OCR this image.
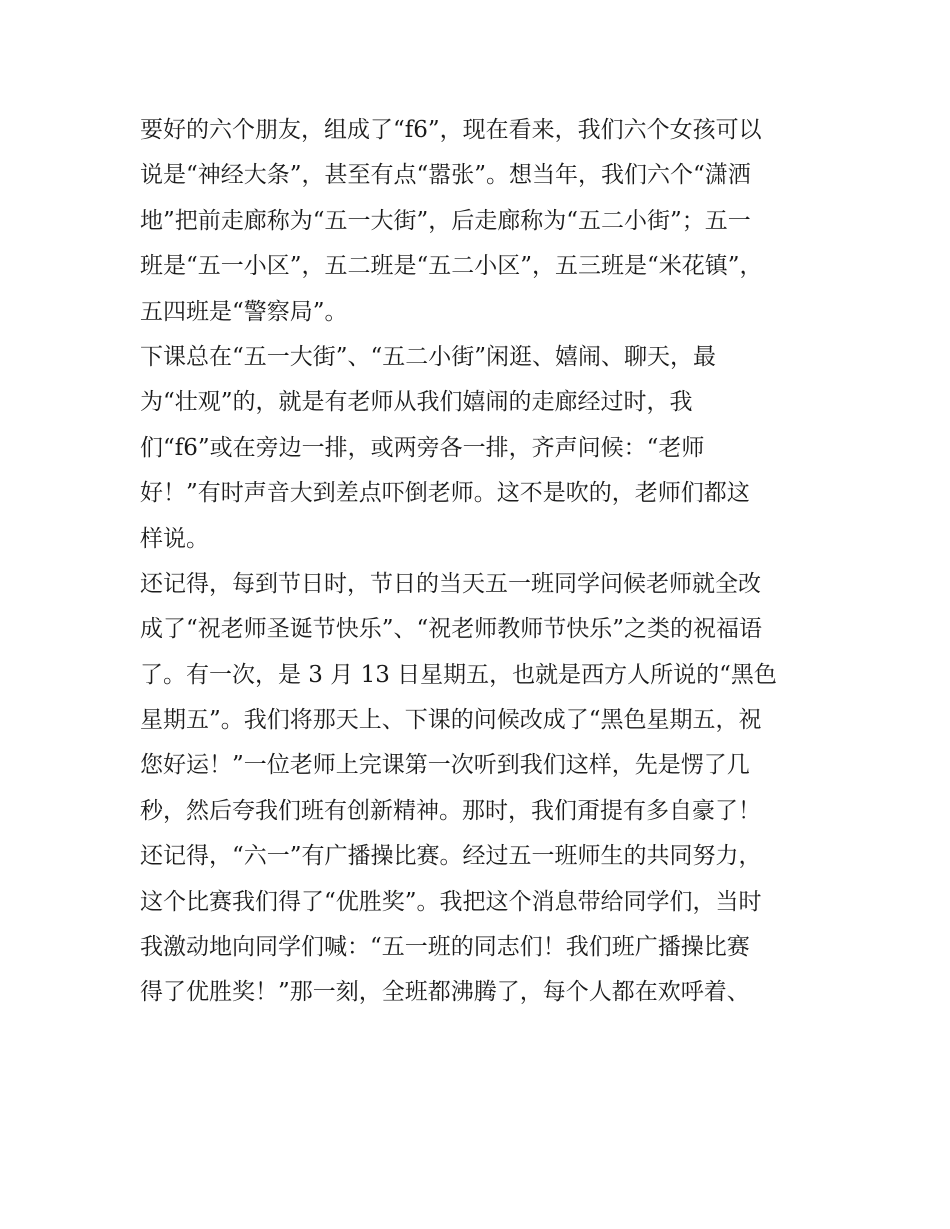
要好的六个朋友，组成了“f6”，现在看来，我们六个女孩可以
说是“神经大条”，甚至有点“嚣张”。想当年，我们六个“潇洒
地”把前走廊称为“五一大街”，后走廊称为“五二小街”；五一
班是“五一小区”，五二班是“五二小区”，五三班是“米花镇”，
五四班是“警察局”。
下课总在“五一大街”、“五二小街”闲逛、嬉闹、聊天，最
为“壮观”的，就是有老师从我们嬉闹的走廊经过时，我
们“f6”或在旁边一排，或两旁各一排，齐声问候：“老师
好！”有时声音大到差点吓倒老师。这不是吹的，老师们都这
样说。
还记得，每到节日时，节日的当天五一班同学问候老师就全改
成了“祝老师圣诞节快乐”、“祝老师教师节快乐”之类的祝福语
了。有一次，是 3 月 13 日星期五，也就是西方人所说的“黑色
星期五”。我们将那天上、下课的问候改成了“黑色星期五，祝
您好运！”一位老师上完课第一次听到我们这样，先是愣了几
秒，然后夸我们班有创新精神。那时，我们甭提有多自豪了！
还记得，“六一”有广播操比赛。经过五一班师生的共同努力，
这个比赛我们得了“优胜奖”。我把这个消息带给同学们，当时
我激动地向同学们喊：“五一班的同志们！我们班广播操比赛
得了优胜奖！”那一刻，全班都沸腾了，每个人都在欢呼着、
